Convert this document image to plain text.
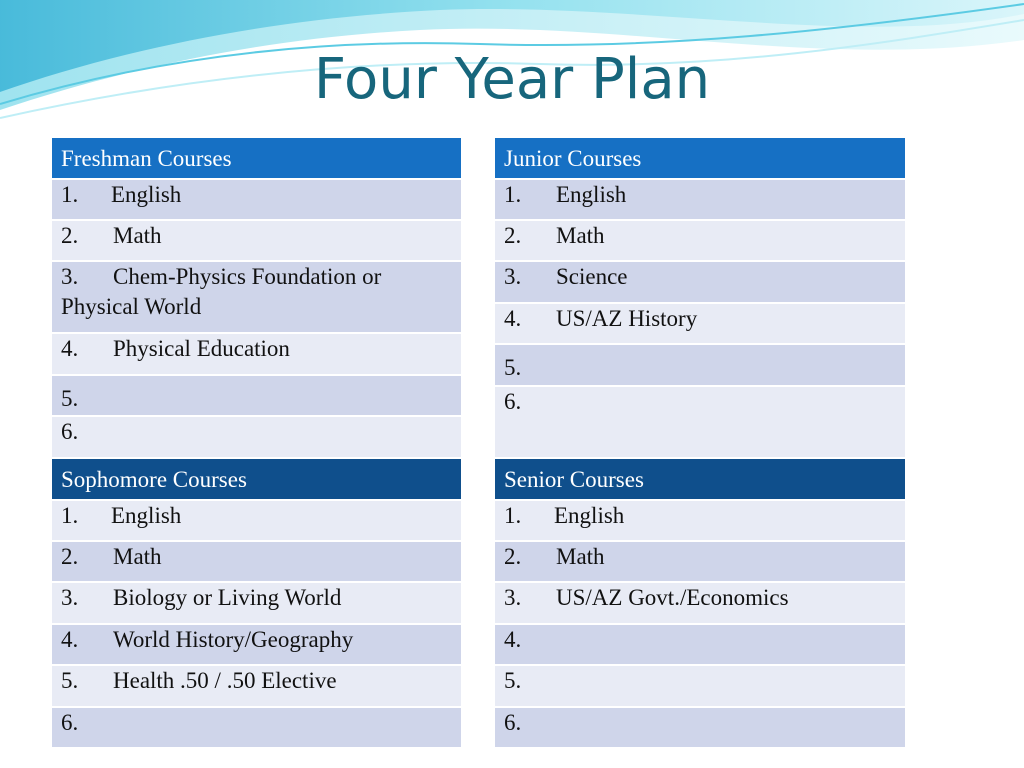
Four Year Plan
Freshman Courses
1. English
2. Math
3. Chem-Physics Foundation or
Physical World
4. Physical Education
5.
6.
Sophomore Courses
1. English
2. Math
3. Biology or Living World
4. World History/Geography
5. Health .50 / .50 Elective
6.
Junior Courses
1. English
2. Math
3. Science
4. US/AZ History
5.
6.
Senior Courses
1. English
2. Math
3. US/AZ Govt./Economics
4.
5.
6.
